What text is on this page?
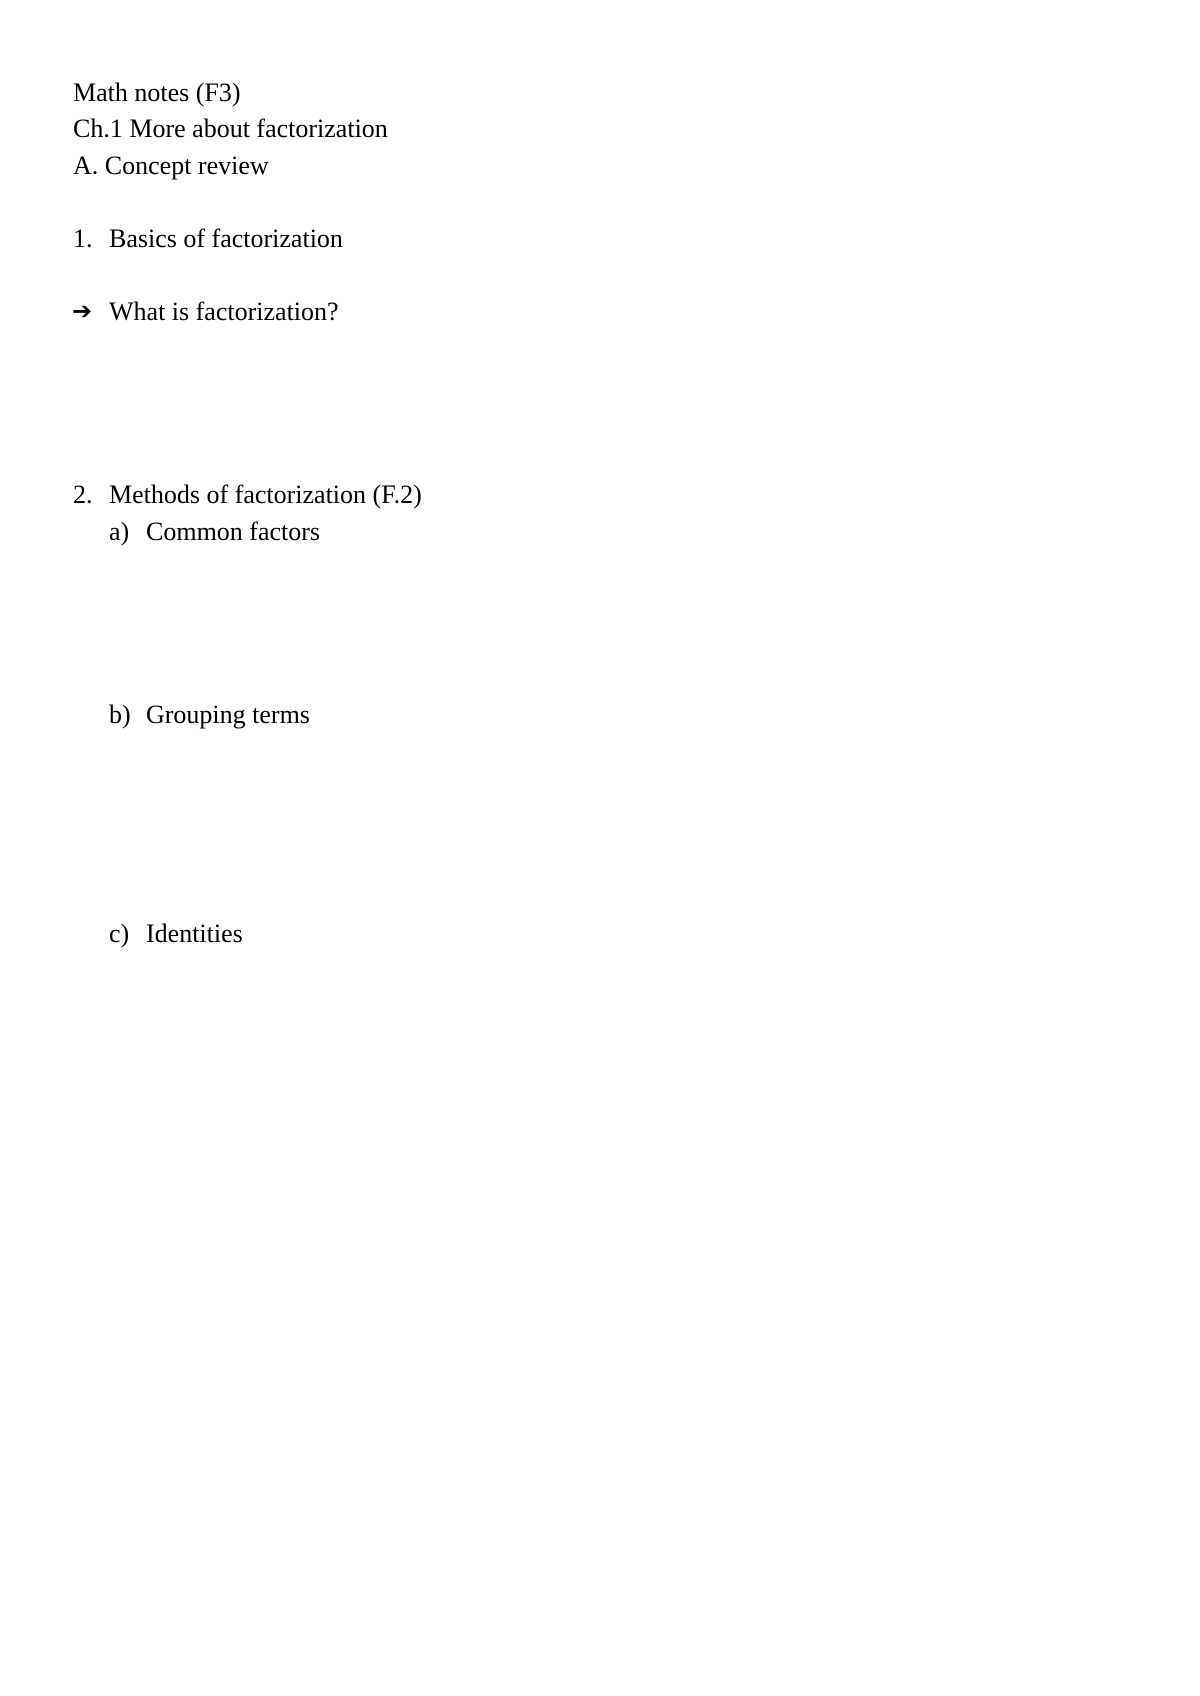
Math notes (F3)
Ch.1 More about factorization
A. Concept review
1. Basics of factorization
➔ What is factorization?
2. Methods of factorization (F.2)
a) Common factors
b) Grouping terms
c) Identities
